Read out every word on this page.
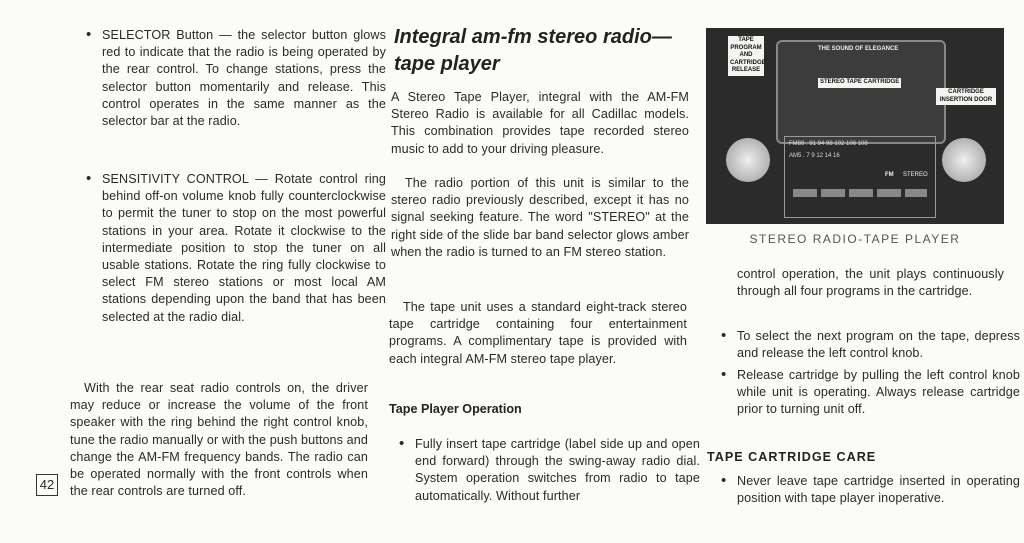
• SELECTOR Button — the selector button glows red to indicate that the radio is being operated by the rear control. To change stations, press the selector button momentarily and release. This control operates in the same manner as the selector bar at the radio.

• SENSITIVITY CONTROL — Rotate control ring behind off-on volume knob fully counterclockwise to permit the tuner to stop on the most powerful stations in your area. Rotate it clockwise to the intermediate position to stop the tuner on all usable stations. Rotate the ring fully clockwise to select FM stereo stations or most local AM stations depending upon the band that has been selected at the radio dial.

With the rear seat radio controls on, the driver may reduce or increase the volume of the front speaker with the ring behind the right control knob, tune the radio manually or with the push buttons and change the AM-FM frequency bands. The radio can be operated normally with the front controls when the rear controls are turned off.

42
Integral am-fm stereo radio—tape player

A Stereo Tape Player, integral with the AM-FM Stereo Radio is available for all Cadillac models. This combination provides tape recorded stereo music to add to your driving pleasure.

The radio portion of this unit is similar to the stereo radio previously described, except it has no signal seeking feature. The word "STEREO" at the right side of the slide bar band selector glows amber when the radio is turned to an FM stereo station.

The tape unit uses a standard eight-track stereo tape cartridge containing four entertainment programs. A complimentary tape is provided with each integral AM-FM stereo tape player.

Tape Player Operation

• Fully insert tape cartridge (label side up and open end forward) through the swing-away radio dial. System operation switches from radio to tape automatically. Without further

THE SOUND OF ELEGANCE
STEREO TAPE CARTRIDGE
FM88 . 91 94 98 102 106 108
AM5 . 7 9 12 14 16
FM STEREO
TAPE PROGRAM AND CARTRIDGE RELEASE
CARTRIDGE INSERTION DOOR
STEREO RADIO-TAPE PLAYER

control operation, the unit plays continuously through all four programs in the cartridge.

• To select the next program on the tape, depress and release the left control knob.

• Release cartridge by pulling the left control knob while unit is operating. Always release cartridge prior to turning unit off.

TAPE CARTRIDGE CARE

• Never leave tape cartridge inserted in operating position with tape player inoperative.
